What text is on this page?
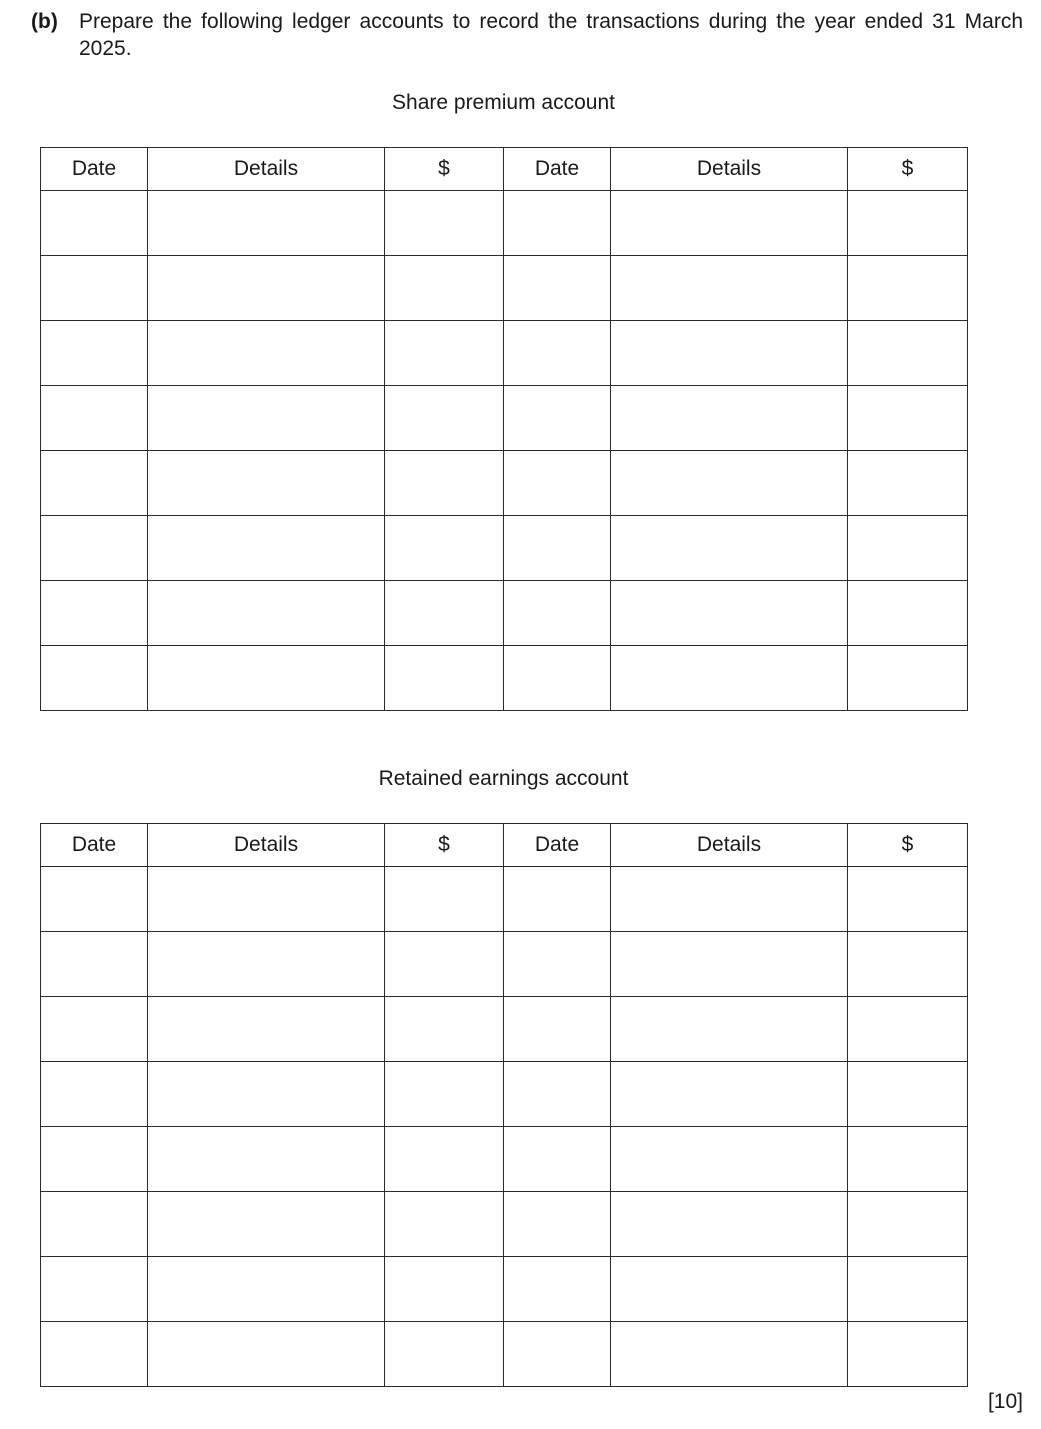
(b) Prepare the following ledger accounts to record the transactions during the year ended 31 March 2025.
Share premium account
Date	Details	$	Date	Details	$

Retained earnings account
Date	Details	$	Date	Details	$

[10]
